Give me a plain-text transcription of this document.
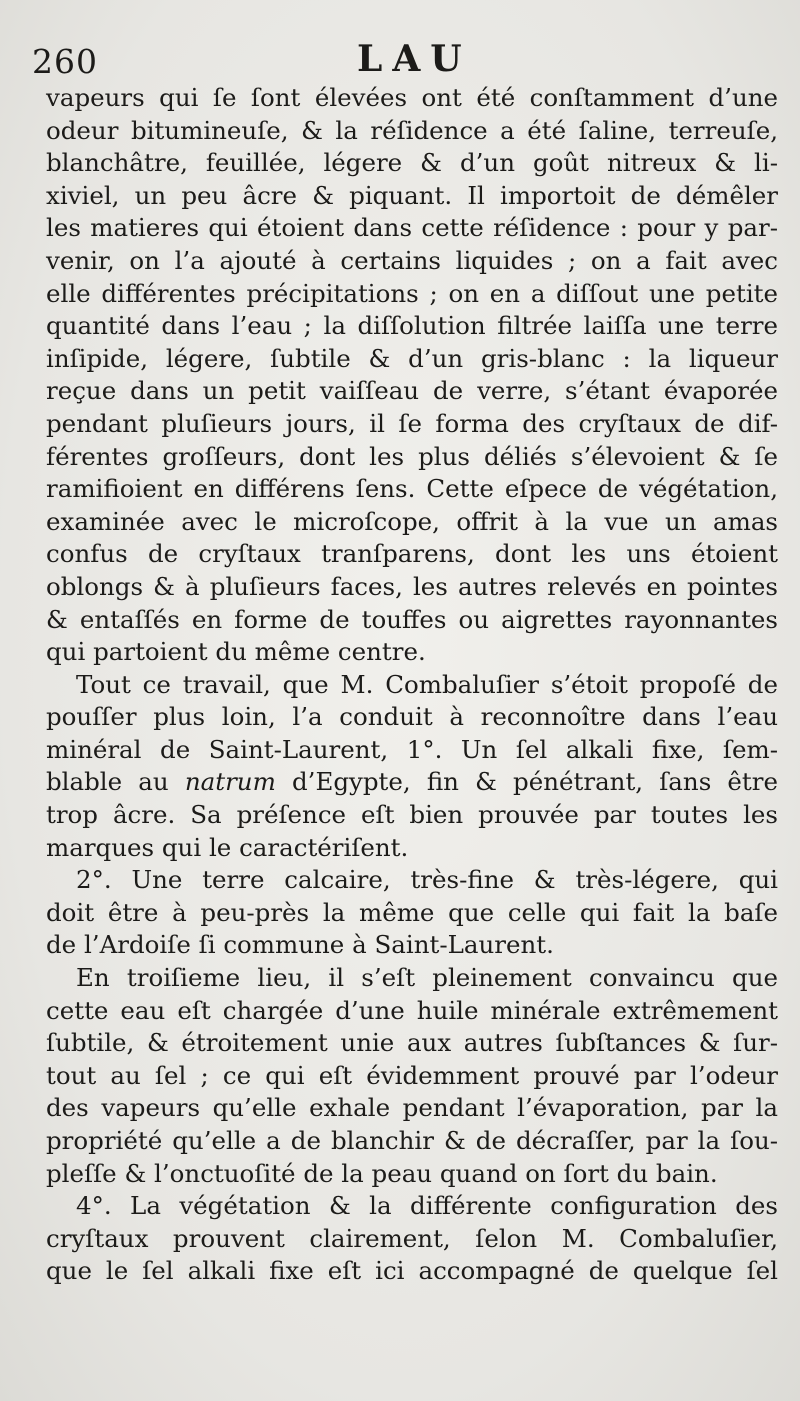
260	LAU
vapeurs qui ſe ſont élevées ont été conſtamment d’une
odeur bitumineuſe, & la réſidence a été ſaline, terreuſe,
blanchâtre, feuillée, légere & d’un goût nitreux & li-
xiviel, un peu âcre & piquant. Il importoit de démêler
les matieres qui étoient dans cette réſidence : pour y par-
venir, on l’a ajouté à certains liquides ; on a fait avec
elle différentes précipitations ; on en a diſſout une petite
quantité dans l’eau ; la diſſolution filtrée laiſſa une terre
inſipide, légere, ſubtile & d’un gris-blanc : la liqueur
reçue dans un petit vaiſſeau de verre, s’étant évaporée
pendant pluſieurs jours, il ſe forma des cryſtaux de dif-
férentes groſſeurs, dont les plus déliés s’élevoient & ſe
ramifioient en différens ſens. Cette eſpece de végétation,
examinée avec le microſcope, offrit à la vue un amas
confus de cryſtaux tranſparens, dont les uns étoient
oblongs & à pluſieurs faces, les autres relevés en pointes
& entaſſés en forme de touffes ou aigrettes rayonnantes
qui partoient du même centre.
Tout ce travail, que M. Combaluſier s’étoit propoſé de
pouſſer plus loin, l’a conduit à reconnoître dans l’eau
minéral de Saint-Laurent, 1°. Un ſel alkali fixe, ſem-
blable au natrum d’Egypte, fin & pénétrant, ſans être
trop âcre. Sa préſence eſt bien prouvée par toutes les
marques qui le caractériſent.
2°. Une terre calcaire, très-fine & très-légere, qui
doit être à peu-près la même que celle qui fait la baſe
de l’Ardoiſe ſi commune à Saint-Laurent.
En troiſieme lieu, il s’eſt pleinement convaincu que
cette eau eſt chargée d’une huile minérale extrêmement
ſubtile, & étroitement unie aux autres ſubſtances & ſur-
tout au ſel ; ce qui eſt évidemment prouvé par l’odeur
des vapeurs qu’elle exhale pendant l’évaporation, par la
propriété qu’elle a de blanchir & de décraſſer, par la ſou-
pleſſe & l’onctuoſité de la peau quand on ſort du bain.
4°. La végétation & la différente configuration des
cryſtaux prouvent clairement, ſelon M. Combaluſier,
que le ſel alkali fixe eſt ici accompagné de quelque ſel
